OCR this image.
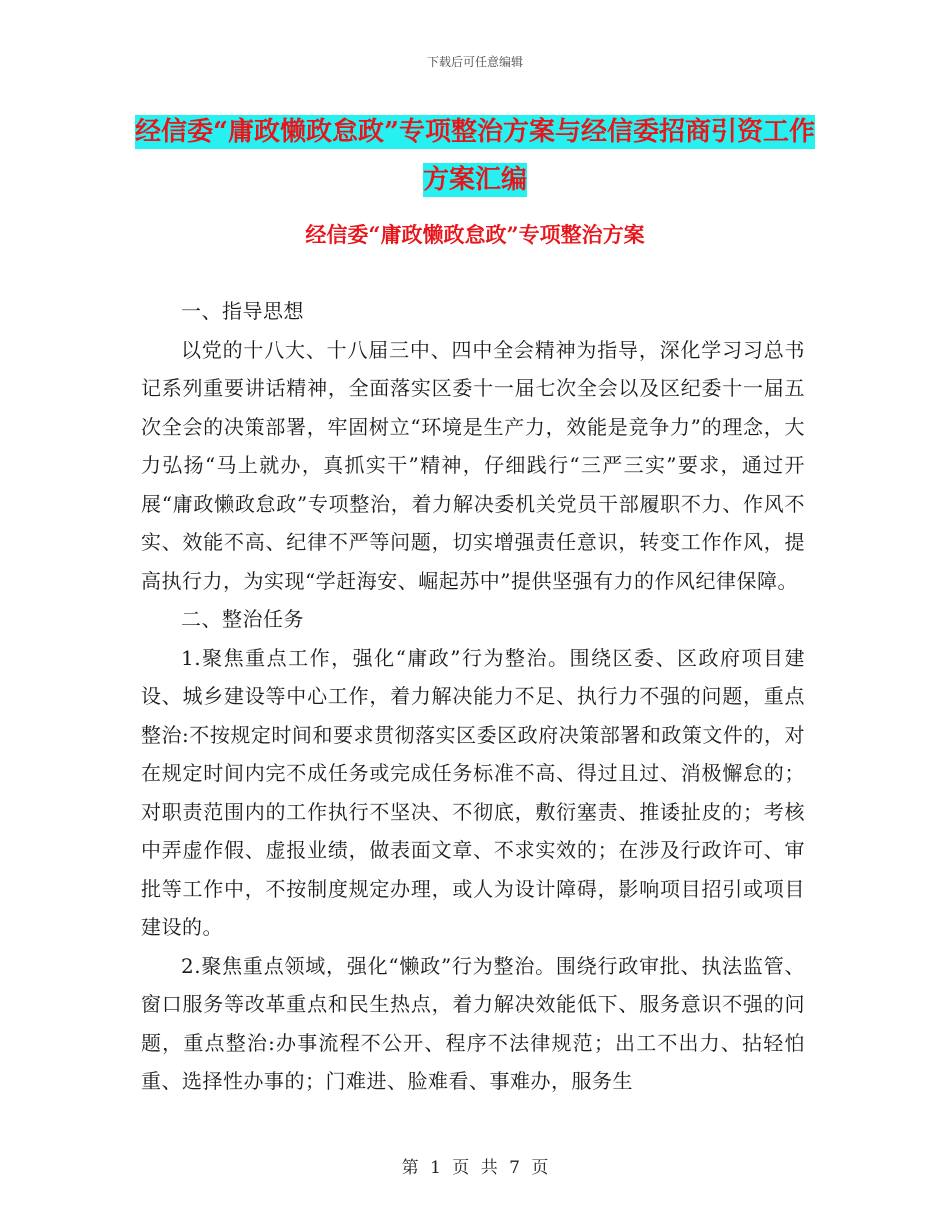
下载后可任意编辑
经信委“庸政懒政怠政”专项整治方案与经信委招商引资工作方案汇编
经信委“庸政懒政怠政”专项整治方案

一、指导思想

以党的十八大、十八届三中、四中全会精神为指导，深化学习习总书记系列重要讲话精神，全面落实区委十一届七次全会以及区纪委十一届五次全会的决策部署，牢固树立“环境是生产力，效能是竞争力”的理念，大力弘扬“马上就办，真抓实干”精神，仔细践行“三严三实”要求，通过开展“庸政懒政怠政”专项整治，着力解决委机关党员干部履职不力、作风不实、效能不高、纪律不严等问题，切实增强责任意识，转变工作作风，提高执行力，为实现“学赶海安、崛起苏中”提供坚强有力的作风纪律保障。

二、整治任务

1.聚焦重点工作，强化“庸政”行为整治。围绕区委、区政府项目建设、城乡建设等中心工作，着力解决能力不足、执行力不强的问题，重点整治:不按规定时间和要求贯彻落实区委区政府决策部署和政策文件的，对在规定时间内完不成任务或完成任务标准不高、得过且过、消极懈怠的；对职责范围内的工作执行不坚决、不彻底，敷衍塞责、推诿扯皮的；考核中弄虚作假、虚报业绩，做表面文章、不求实效的；在涉及行政许可、审批等工作中，不按制度规定办理，或人为设计障碍，影响项目招引或项目建设的。

2.聚焦重点领域，强化“懒政”行为整治。围绕行政审批、执法监管、窗口服务等改革重点和民生热点，着力解决效能低下、服务意识不强的问题，重点整治:办事流程不公开、程序不法律规范；出工不出力、拈轻怕重、选择性办事的；门难进、脸难看、事难办，服务生

第 1 页 共 7 页
